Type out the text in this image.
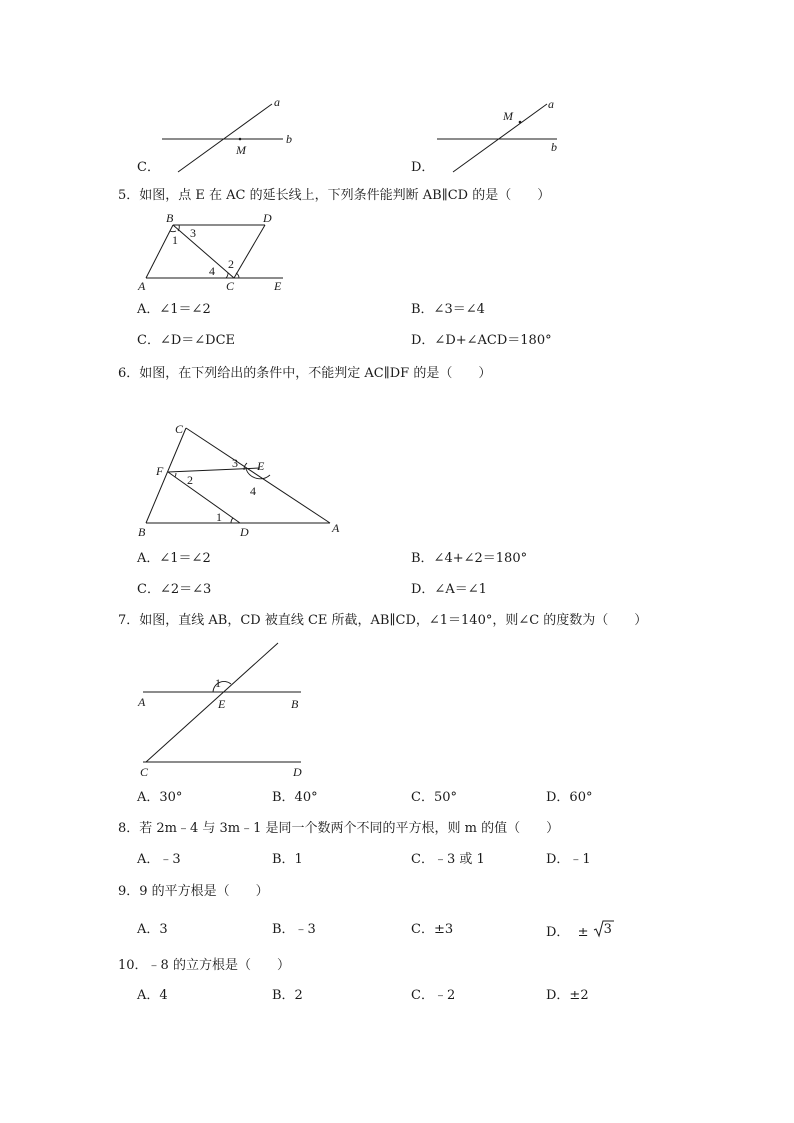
C．
a
b
M
D．
a
b
M
5．如图，点 E 在 AC 的延长线上，下列条件能判断 AB∥CD 的是（　　）
B	D
A	C	E
1 3
4 2
A．∠1＝∠2	B．∠3＝∠4
C．∠D＝∠DCE	D．∠D+∠ACD＝180°
6．如图，在下列给出的条件中，不能判定 AC∥DF 的是（　　）
C
F	E
B	D	A
2
3
4
1
A．∠1＝∠2	B．∠4+∠2＝180°
C．∠2＝∠3	D．∠A＝∠1
7．如图，直线 AB，CD 被直线 CE 所截，AB∥CD，∠1＝140°，则∠C 的度数为（　　）
A	E	B
C	D
1
A．30°	B．40°	C．50°	D．60°
8．若 2m﹣4 与 3m﹣1 是同一个数两个不同的平方根，则 m 的值（　　）
A．﹣3	B．1	C．﹣3 或 1	D．﹣1
9．9 的平方根是（　　）
A．3	B．﹣3	C．±3	D． ± 3
10．﹣8 的立方根是（　　）
A．4	B．2	C．﹣2	D．±2
